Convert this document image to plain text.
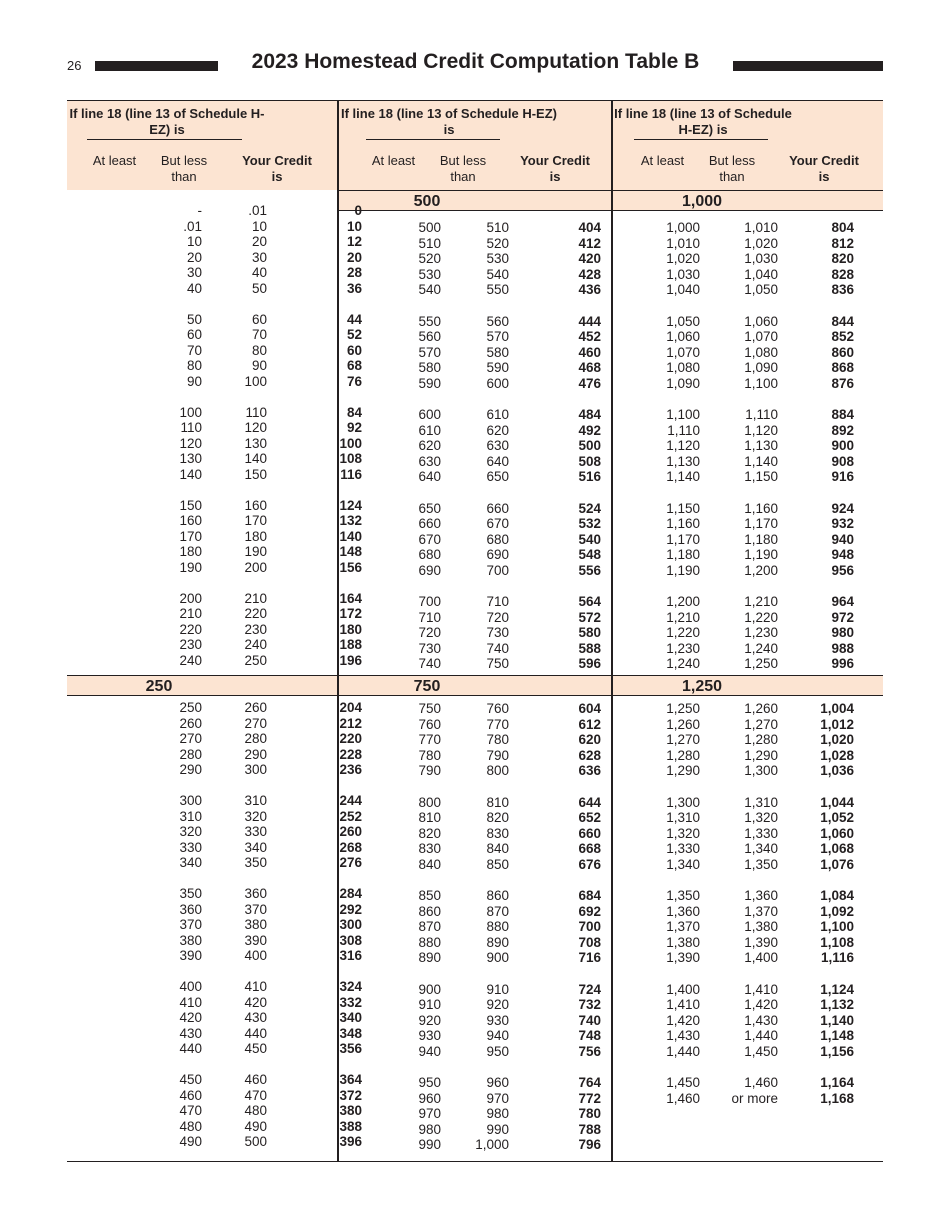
26	2023 Homestead Credit Computation Table B
If line 18 (line 13 of Schedule H-EZ) is
At least	But less than
Your Credit is
If line 18 (line 13 of Schedule H-EZ) is
At least	But less than
Your Credit is
If line 18 (line 13 of Schedule H-EZ) is
At least	But less than
Your Credit is
500	1,000
250	750	1,250
-	.01	0
.01	10	10
10	20	12
20	30	20
30	40	28
40	50	36
50	60	44
60	70	52
70	80	60
80	90	68
90	100	76
100	110	84
110	120	92
120	130	100
130	140	108
140	150	116
150	160	124
160	170	132
170	180	140
180	190	148
190	200	156
200	210	164
210	220	172
220	230	180
230	240	188
240	250	196
500	510	404
510	520	412
520	530	420
530	540	428
540	550	436
550	560	444
560	570	452
570	580	460
580	590	468
590	600	476
600	610	484
610	620	492
620	630	500
630	640	508
640	650	516
650	660	524
660	670	532
670	680	540
680	690	548
690	700	556
700	710	564
710	720	572
720	730	580
730	740	588
740	750	596
1,000	1,010	804
1,010	1,020	812
1,020	1,030	820
1,030	1,040	828
1,040	1,050	836
1,050	1,060	844
1,060	1,070	852
1,070	1,080	860
1,080	1,090	868
1,090	1,100	876
1,100	1,110	884
1,110	1,120	892
1,120	1,130	900
1,130	1,140	908
1,140	1,150	916
1,150	1,160	924
1,160	1,170	932
1,170	1,180	940
1,180	1,190	948
1,190	1,200	956
1,200	1,210	964
1,210	1,220	972
1,220	1,230	980
1,230	1,240	988
1,240	1,250	996
250	260	204
260	270	212
270	280	220
280	290	228
290	300	236
300	310	244
310	320	252
320	330	260
330	340	268
340	350	276
350	360	284
360	370	292
370	380	300
380	390	308
390	400	316
400	410	324
410	420	332
420	430	340
430	440	348
440	450	356
450	460	364
460	470	372
470	480	380
480	490	388
490	500	396
750	760	604
760	770	612
770	780	620
780	790	628
790	800	636
800	810	644
810	820	652
820	830	660
830	840	668
840	850	676
850	860	684
860	870	692
870	880	700
880	890	708
890	900	716
900	910	724
910	920	732
920	930	740
930	940	748
940	950	756
950	960	764
960	970	772
970	980	780
980	990	788
990	1,000	796
1,250	1,260	1,004
1,260	1,270	1,012
1,270	1,280	1,020
1,280	1,290	1,028
1,290	1,300	1,036
1,300	1,310	1,044
1,310	1,320	1,052
1,320	1,330	1,060
1,330	1,340	1,068
1,340	1,350	1,076
1,350	1,360	1,084
1,360	1,370	1,092
1,370	1,380	1,100
1,380	1,390	1,108
1,390	1,400	1,116
1,400	1,410	1,124
1,410	1,420	1,132
1,420	1,430	1,140
1,430	1,440	1,148
1,440	1,450	1,156
1,450	1,460	1,164
1,460	or more	1,168
